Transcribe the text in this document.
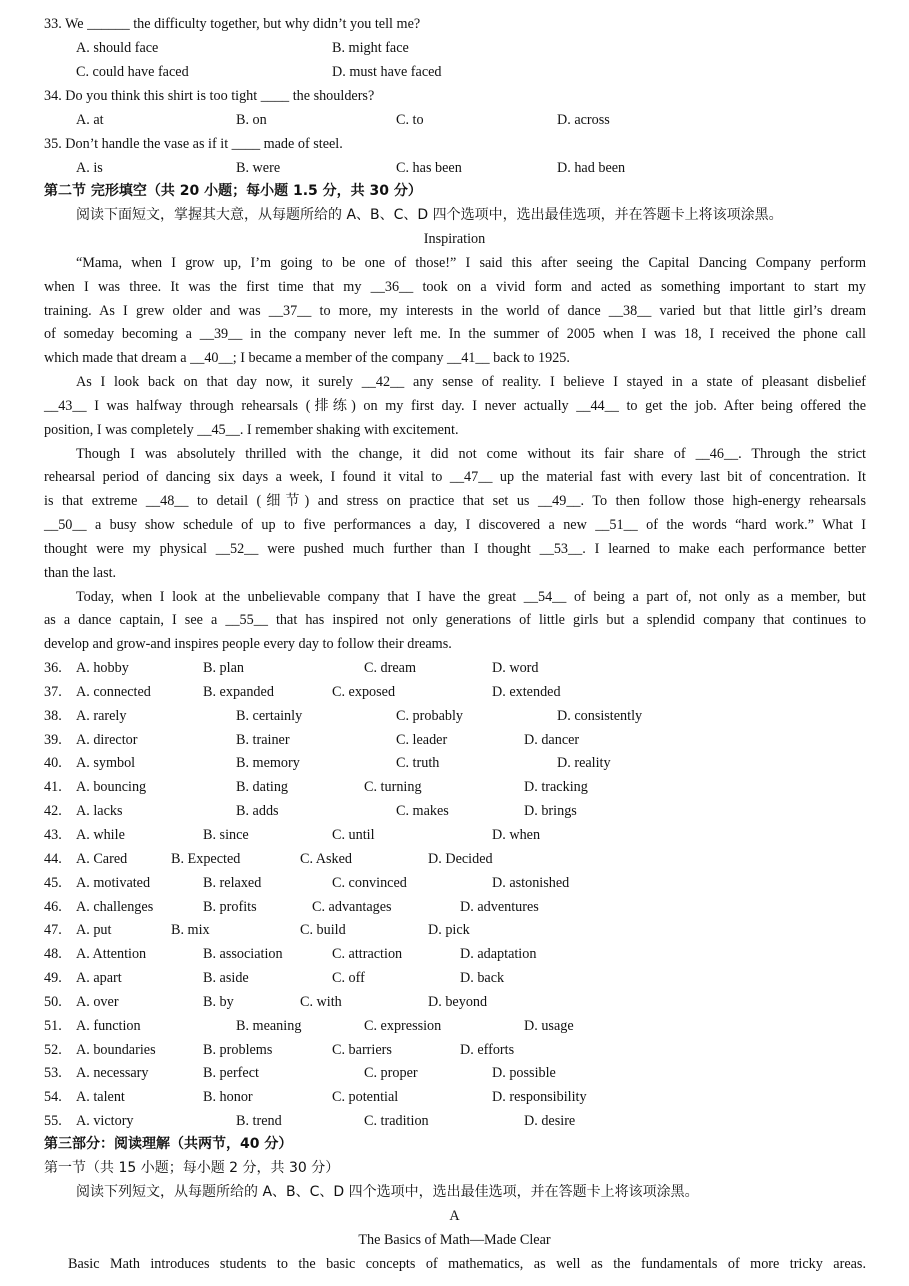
33. We ______ the difficulty together, but why didn’t you tell me?
A. should face	B. might face
C. could have faced	D. must have faced
34. Do you think this shirt is too tight ____ the shoulders?
A. at	B. on	C. to	D. across
35. Don’t handle the vase as if it ____ made of steel.
A. is	B. were	C. has been	D. had been
第二节 完形填空（共 20 小题；每小题 1.5 分，共 30 分）
阅读下面短文，掌握其大意，从每题所给的 A、B、C、D 四个选项中，选出最佳选项，并在答题卡上将该项涂黑。
Inspiration
“Mama, when I grow up, I’m going to be one of those!” I said this after seeing the Capital Dancing Company perform
when I was three. It was the first time that my __36__ took on a vivid form and acted as something important to start my
training. As I grew older and was __37__ to more, my interests in the world of dance __38__ varied but that little girl’s dream
of someday becoming a __39__ in the company never left me. In the summer of 2005 when I was 18, I received the phone call
which made that dream a __40__; I became a member of the company __41__ back to 1925.
As I look back on that day now, it surely __42__ any sense of reality. I believe I stayed in a state of pleasant disbelief
__43__ I was halfway through rehearsals (排练) on my first day. I never actually __44__ to get the job. After being offered the
position, I was completely __45__. I remember shaking with excitement.
Though I was absolutely thrilled with the change, it did not come without its fair share of __46__. Through the strict
rehearsal period of dancing six days a week, I found it vital to __47__ up the material fast with every last bit of concentration. It
is that extreme __48__ to detail (细节) and stress on practice that set us __49__. To then follow those high-energy rehearsals
__50__ a busy show schedule of up to five performances a day, I discovered a new __51__ of the words “hard work.” What I
thought were my physical __52__ were pushed much further than I thought __53__. I learned to make each performance better
than the last.
Today, when I look at the unbelievable company that I have the great __54__ of being a part of, not only as a member, but
as a dance captain, I see a __55__ that has inspired not only generations of little girls but a splendid company that continues to
develop and grow-and inspires people every day to follow their dreams.
36. A. hobby	B. plan	C. dream	D. word
37. A. connected	B. expanded	C. exposed	D. extended
38. A. rarely	B. certainly	C. probably	D. consistently
39. A. director	B. trainer	C. leader	D. dancer
40. A. symbol	B. memory	C. truth	D. reality
41. A. bouncing	B. dating	C. turning	D. tracking
42. A. lacks	B. adds	C. makes	D. brings
43. A. while	B. since	C. until	D. when
44. A. Cared	B. Expected	C. Asked	D. Decided
45. A. motivated	B. relaxed	C. convinced	D. astonished
46. A. challenges	B. profits	C. advantages	D. adventures
47. A. put	B. mix	C. build	D. pick
48. A. Attention	B. association	C. attraction	D. adaptation
49. A. apart	B. aside	C. off	D. back
50. A. over	B. by	C. with	D. beyond
51. A. function	B. meaning	C. expression	D. usage
52. A. boundaries	B. problems	C. barriers	D. efforts
53. A. necessary	B. perfect	C. proper	D. possible
54. A. talent	B. honor	C. potential	D. responsibility
55. A. victory	B. trend	C. tradition	D. desire
第三部分：阅读理解（共两节，40 分）
第一节（共 15 小题；每小题 2 分，共 30 分）
阅读下列短文，从每题所给的 A、B、C、D 四个选项中，选出最佳选项，并在答题卡上将该项涂黑。
A
The Basics of Math—Made Clear
Basic Math introduces students to the basic concepts of mathematics, as well as the fundamentals of more tricky areas.
